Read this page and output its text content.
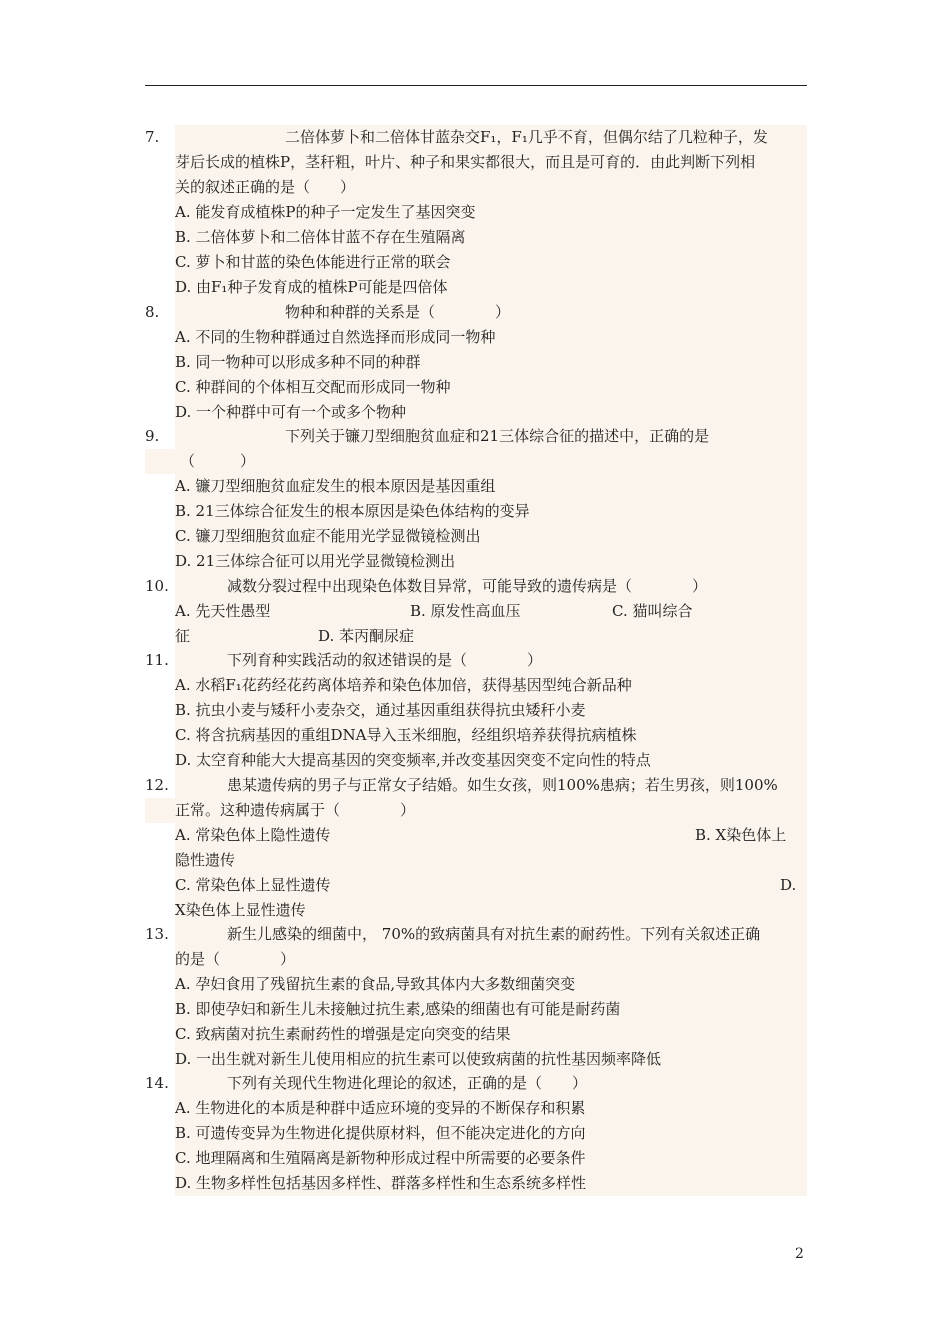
7.	二倍体萝卜和二倍体甘蓝杂交F₁，F₁几乎不育，但偶尔结了几粒种子，发
芽后长成的植株P，茎秆粗，叶片、种子和果实都很大，而且是可育的．由此判断下列相
关的叙述正确的是（　　）
A. 能发育成植株P的种子一定发生了基因突变
B. 二倍体萝卜和二倍体甘蓝不存在生殖隔离
C. 萝卜和甘蓝的染色体能进行正常的联会
D. 由F₁种子发育成的植株P可能是四倍体
8.	物种和种群的关系是（　　　　）
A. 不同的生物种群通过自然选择而形成同一物种
B. 同一物种可以形成多种不同的种群
C. 种群间的个体相互交配而形成同一物种
D. 一个种群中可有一个或多个物种
9.	下列关于镰刀型细胞贫血症和21三体综合征的描述中，正确的是
（　　　）
A. 镰刀型细胞贫血症发生的根本原因是基因重组
B. 21三体综合征发生的根本原因是染色体结构的变异
C. 镰刀型细胞贫血症不能用光学显微镜检测出
D. 21三体综合征可以用光学显微镜检测出
10.	减数分裂过程中出现染色体数目异常，可能导致的遗传病是（　　　　）
A. 先天性愚型	B. 原发性高血压	C. 猫叫综合
征	D. 苯丙酮尿症
11.	下列育种实践活动的叙述错误的是（　　　　）
A. 水稻F₁花药经花药离体培养和染色体加倍，获得基因型纯合新品种
B. 抗虫小麦与矮秆小麦杂交，通过基因重组获得抗虫矮秆小麦
C. 将含抗病基因的重组DNA导入玉米细胞，经组织培养获得抗病植株
D. 太空育种能大大提高基因的突变频率,并改变基因突变不定向性的特点
12.	患某遗传病的男子与正常女子结婚。如生女孩，则100%患病；若生男孩，则100%
正常。这种遗传病属于（　　　　）
A. 常染色体上隐性遗传	B. X染色体上
隐性遗传
C. 常染色体上显性遗传	D.
X染色体上显性遗传
13.	新生儿感染的细菌中， 70%的致病菌具有对抗生素的耐药性。下列有关叙述正确
的是（　　　　）
A. 孕妇食用了残留抗生素的食品,导致其体内大多数细菌突变
B. 即使孕妇和新生儿未接触过抗生素,感染的细菌也有可能是耐药菌
C. 致病菌对抗生素耐药性的增强是定向突变的结果
D. 一出生就对新生儿使用相应的抗生素可以使致病菌的抗性基因频率降低
14.	下列有关现代生物进化理论的叙述，正确的是（　　）
A. 生物进化的本质是种群中适应环境的变异的不断保存和积累
B. 可遗传变异为生物进化提供原材料，但不能决定进化的方向
C. 地理隔离和生殖隔离是新物种形成过程中所需要的必要条件
D. 生物多样性包括基因多样性、群落多样性和生态系统多样性
2
